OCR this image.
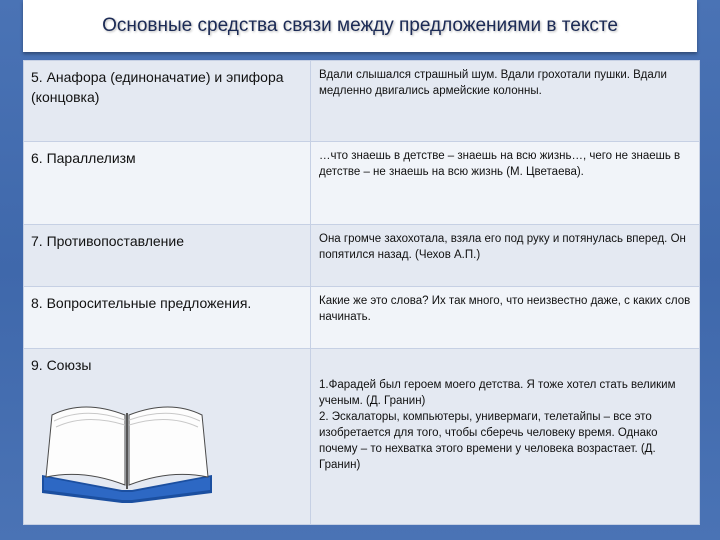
Основные средства связи между предложениями в тексте
5. Анафора (единоначатие) и эпифора (концовка)	Вдали слышался страшный шум. Вдали грохотали пушки. Вдали медленно двигались армейские колонны.

6. Параллелизм	…что знаешь в детстве – знаешь на всю жизнь…, чего не знаешь в детстве – не знаешь на всю жизнь (М. Цветаева).

7. Противопоставление	Она громче захохотала, взяла его под руку и потянулась вперед. Он попятился назад. (Чехов А.П.)

8. Вопросительные предложения.	Какие же это слова? Их так много, что неизвестно даже, с каких слов начинать.

9. Союзы	1.Фарадей был героем моего детства. Я тоже хотел стать великим ученым. (Д. Гранин)
2. Эскалаторы, компьютеры, универмаги, телетайпы – все это изобретается для того, чтобы сберечь человеку время. Однако почему – то нехватка этого времени у человека возрастает. (Д. Гранин)
